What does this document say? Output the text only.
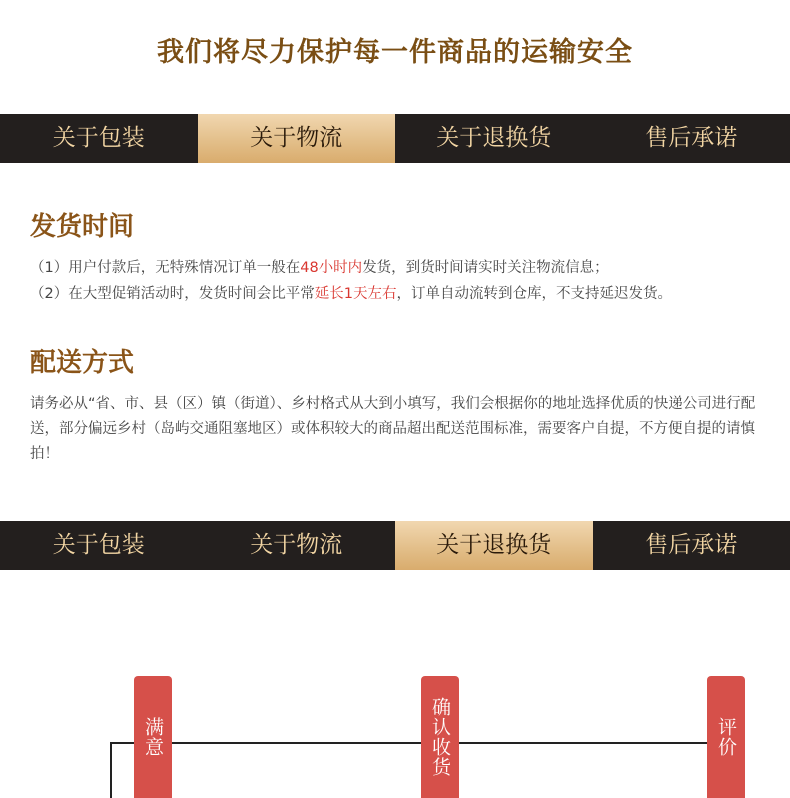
我们将尽力保护每一件商品的运输安全
关于包装	关于物流	关于退换货	售后承诺
发货时间
（1）用户付款后，无特殊情况订单一般在48小时内发货，到货时间请实时关注物流信息；
（2）在大型促销活动时，发货时间会比平常延长1天左右，订单自动流转到仓库，不支持延迟发货。
配送方式
请务必从“省、市、县（区）镇（街道）、乡村格式从大到小填写，我们会根据你的地址选择优质的快递公司进行配送，部分偏远乡村（岛屿交通阻塞地区）或体积较大的商品超出配送范围标准，需要客户自提，不方便自提的请慎拍！
关于包装	关于物流	关于退换货	售后承诺
满意	确认收货	评价
